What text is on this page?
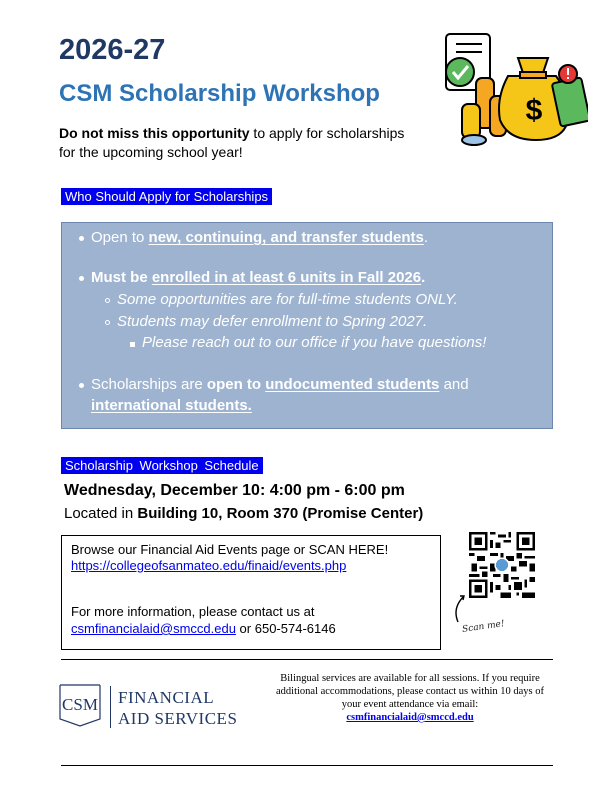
2026-27
CSM Scholarship Workshop
Do not miss this opportunity to apply for scholarships
for the upcoming school year!
$
Who Should Apply for Scholarships
Open to new, continuing, and transfer students.
Must be enrolled in at least 6 units in Fall 2026.
Some opportunities are for full-time students ONLY.
Students may defer enrollment to Spring 2027.
Please reach out to our office if you have questions!
Scholarships are open to undocumented students and
international students.
Scholarship Workshop Schedule
Wednesday, December 10: 4:00 pm - 6:00 pm
Located in Building 10, Room 370 (Promise Center)
Browse our Financial Aid Events page or SCAN HERE!
https://collegeofsanmateo.edu/finaid/events.php
For more information, please contact us at
csmfinancialaid@smccd.edu or 650-574-6146	Scan me!
CSM FINANCIAL
AID SERVICES
Bilingual services are available for all sessions. If you require
additional accommodations, please contact us within 10 days of
your event attendance via email:
csmfinancialaid@smccd.edu
